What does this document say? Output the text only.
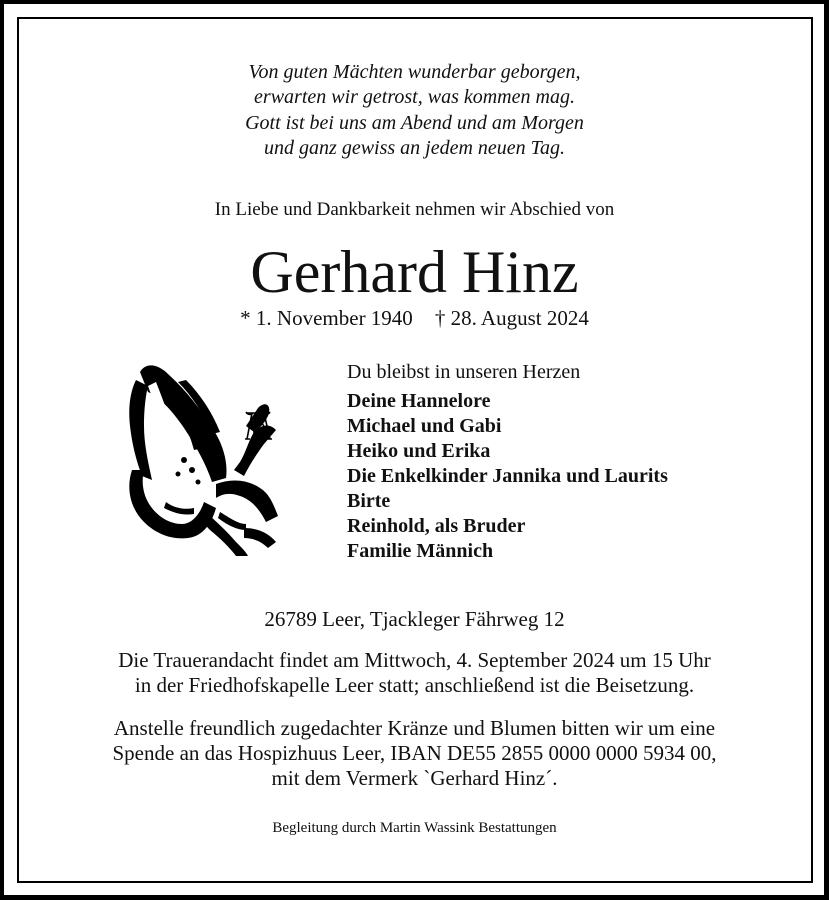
Von guten Mächten wunderbar geborgen,
erwarten wir getrost, was kommen mag.
Gott ist bei uns am Abend und am Morgen
und ganz gewiss an jedem neuen Tag.
In Liebe und Dankbarkeit nehmen wir Abschied von
Gerhard Hinz
* 1. November 1940 † 28. August 2024
Du bleibst in unseren Herzen
Deine Hannelore
Michael und Gabi
Heiko und Erika
Die Enkelkinder Jannika und Laurits
Birte
Reinhold, als Bruder
Familie Männich
26789 Leer, Tjackleger Fährweg 12
Die Trauerandacht findet am Mittwoch, 4. September 2024 um 15 Uhr
in der Friedhofskapelle Leer statt; anschließend ist die Beisetzung.
Anstelle freundlich zugedachter Kränze und Blumen bitten wir um eine
Spende an das Hospizhuus Leer, IBAN DE55 2855 0000 0000 5934 00,
mit dem Vermerk `Gerhard Hinz´.
Begleitung durch Martin Wassink Bestattungen
